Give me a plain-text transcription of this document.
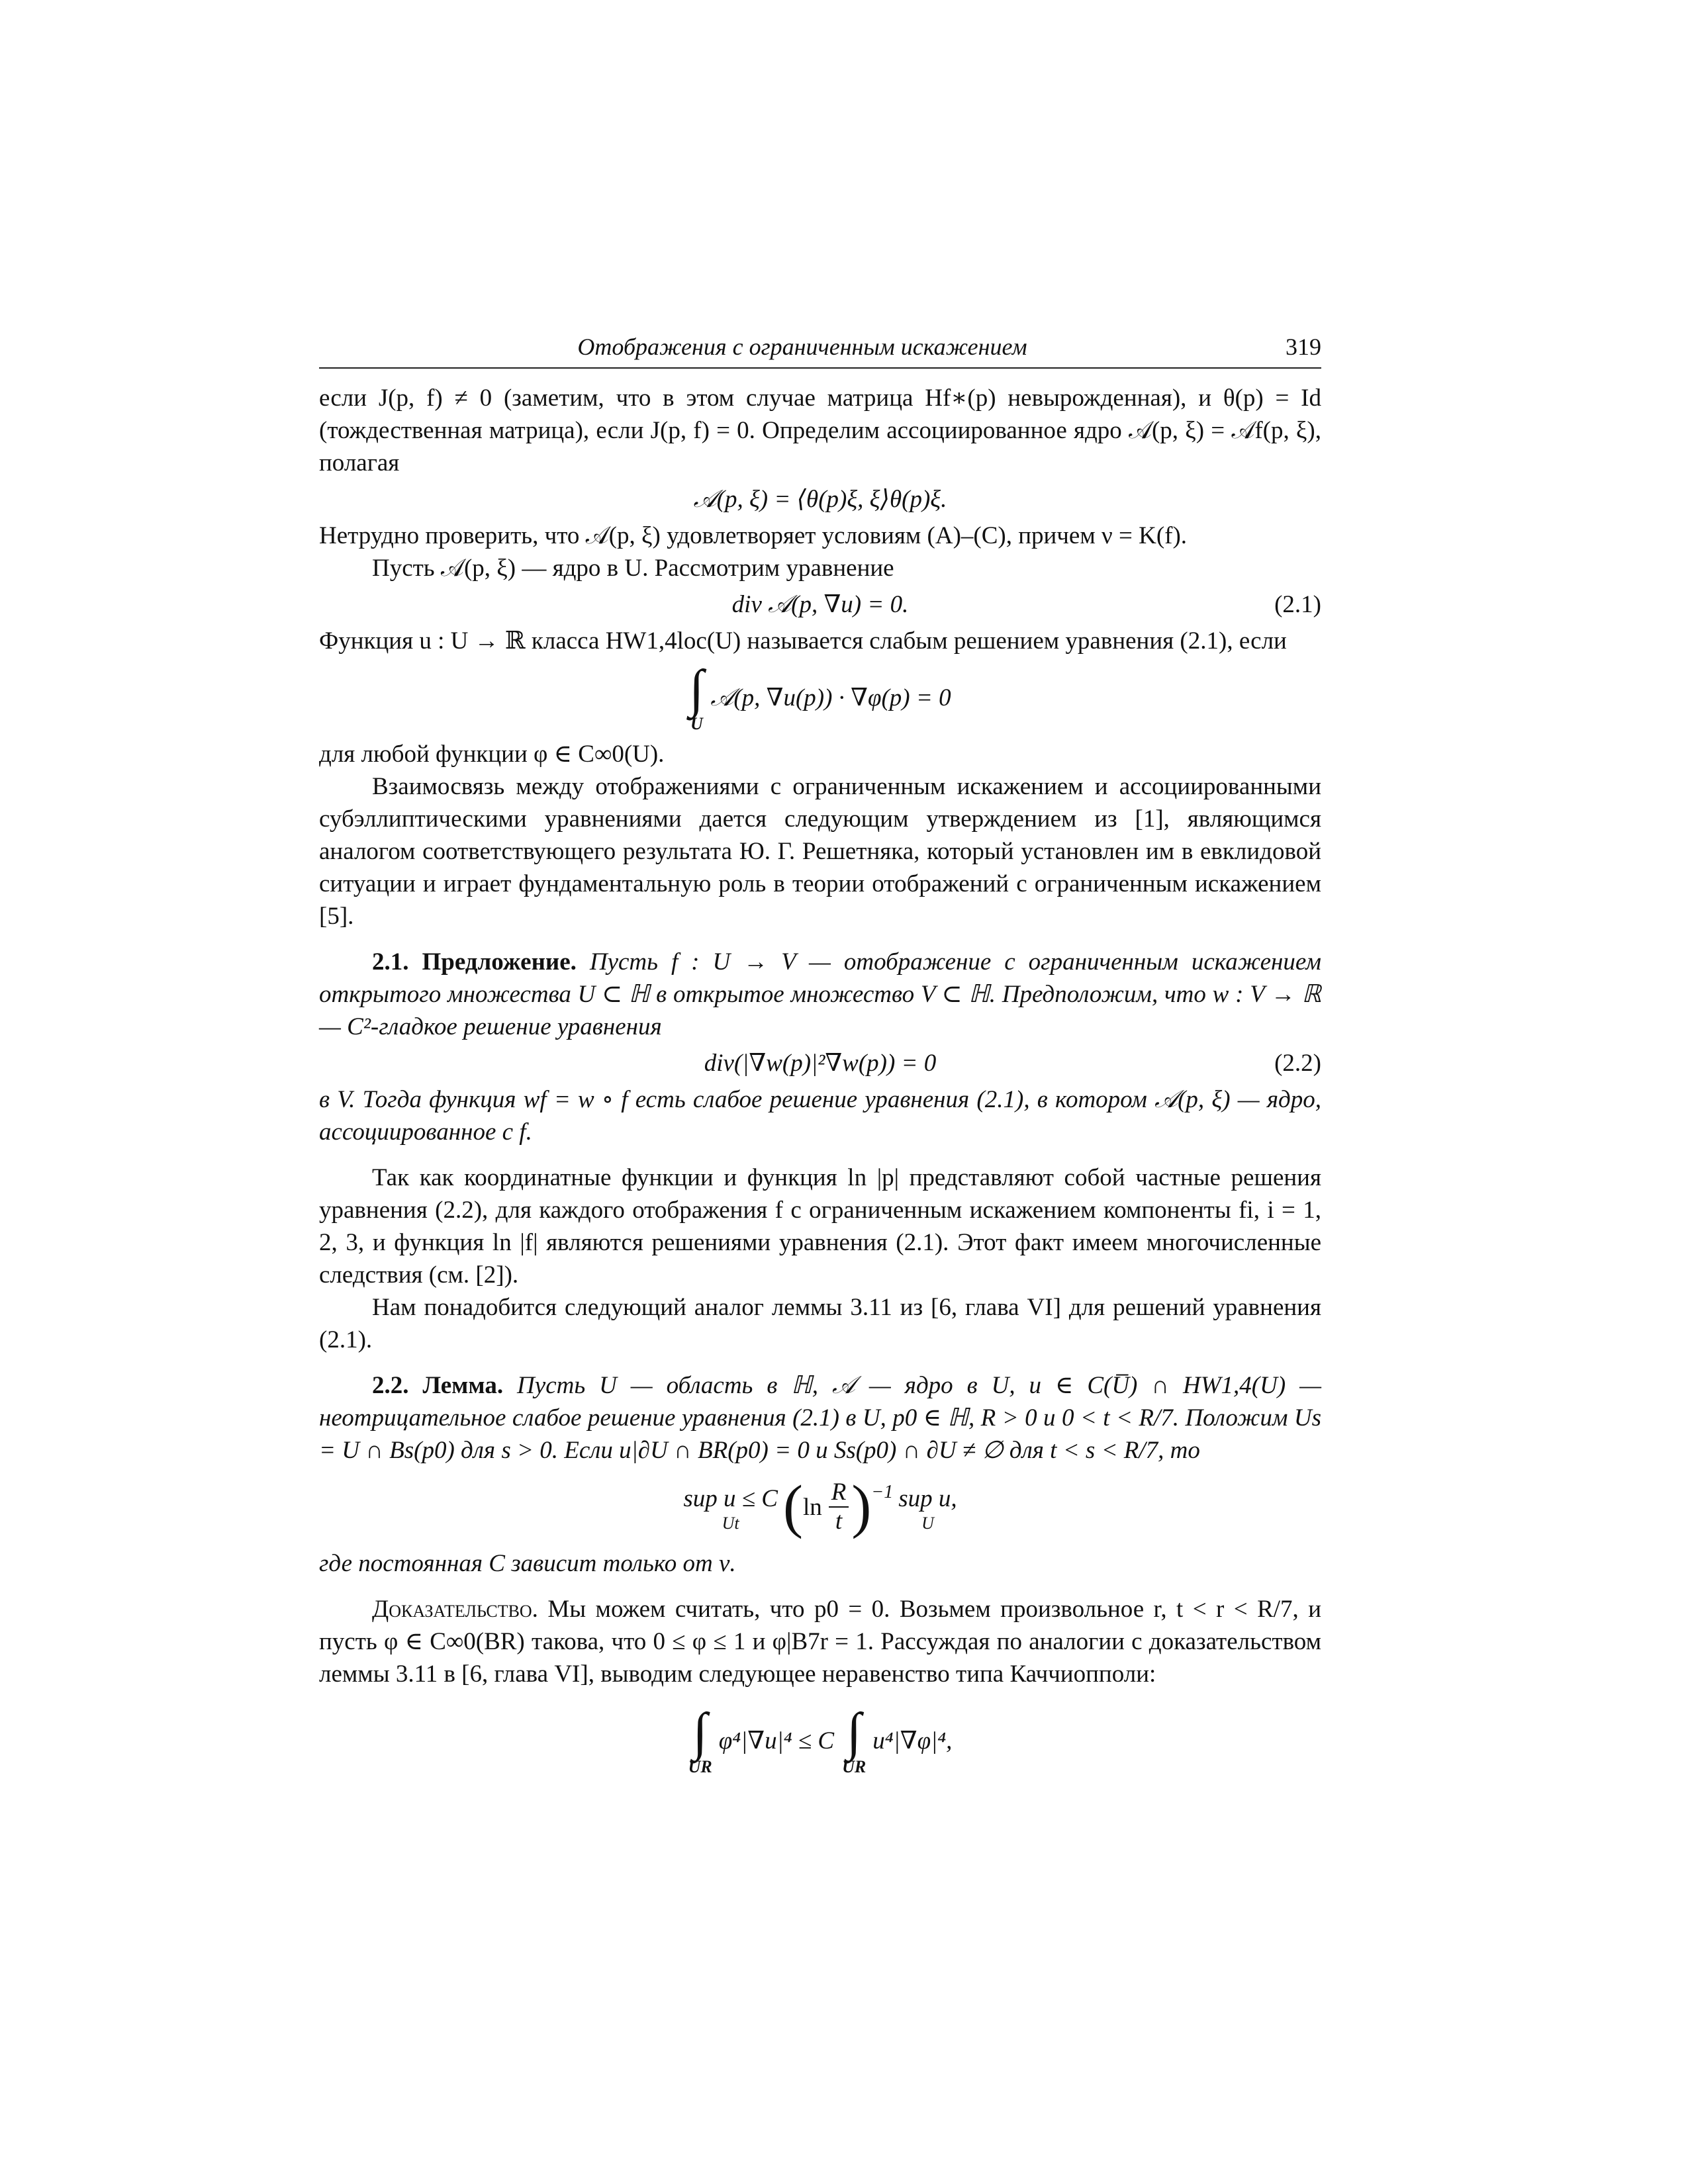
Отображения с ограниченным искажением	319

если J(p, f) ≠ 0 (заметим, что в этом случае матрица Hf∗(p) невырожденная), и θ(p) = Id (тождественная матрица), если J(p, f) = 0. Определим ассоциированное ядро 𝒜(p, ξ) = 𝒜f(p, ξ), полагая

𝒜(p, ξ) = ⟨θ(p)ξ, ξ⟩θ(p)ξ.

Нетрудно проверить, что 𝒜(p, ξ) удовлетворяет условиям (A)–(C), причем ν = K(f).

Пусть 𝒜(p, ξ) — ядро в U. Рассмотрим уравнение

div 𝒜(p, ∇u) = 0.	(2.1)

Функция u : U → ℝ класса HW1,4loc(U) называется слабым решением уравнения (2.1), если

∫
U
𝒜(p, ∇u(p)) · ∇φ(p) = 0

для любой функции φ ∈ C∞0(U).

Взаимосвязь между отображениями с ограниченным искажением и ассоциированными субэллиптическими уравнениями дается следующим утверждением из [1], являющимся аналогом соответствующего результата Ю. Г. Решетняка, который установлен им в евклидовой ситуации и играет фундаментальную роль в теории отображений с ограниченным искажением [5].

2.1. Предложение. Пусть f : U → V — отображение с ограниченным искажением открытого множества U ⊂ ℍ в открытое множество V ⊂ ℍ. Предположим, что w : V → ℝ — C²-гладкое решение уравнения

div(|∇w(p)|²∇w(p)) = 0	(2.2)

в V. Тогда функция wf = w ∘ f есть слабое решение уравнения (2.1), в котором 𝒜(p, ξ) — ядро, ассоциированное с f.

Так как координатные функции и функция ln |p| представляют собой частные решения уравнения (2.2), для каждого отображения f с ограниченным искажением компоненты fi, i = 1, 2, 3, и функция ln |f| являются решениями уравнения (2.1). Этот факт имеем многочисленные следствия (см. [2]).

Нам понадобится следующий аналог леммы 3.11 из [6, глава VI] для решений уравнения (2.1).

2.2. Лемма. Пусть U — область в ℍ, 𝒜 — ядро в U, u ∈ C(U̅) ∩ HW1,4(U) — неотрицательное слабое решение уравнения (2.1) в U, p0 ∈ ℍ, R > 0 и 0 < t < R/7. Положим Us = U ∩ Bs(p0) для s > 0. Если u|∂U ∩ BR(p0) = 0 и Ss(p0) ∩ ∂U ≠ ∅ для t < s < R/7, то

sup u ≤ C
Ut ( $\ln \frac{R}{t}$ ) −1 sup u,
U

где постоянная C зависит только от ν.

Доказательство. Мы можем считать, что p0 = 0. Возьмем произвольное r, t < r < R/7, и пусть φ ∈ C∞0(BR) такова, что 0 ≤ φ ≤ 1 и φ|B7r = 1. Рассуждая по аналогии с доказательством леммы 3.11 в [6, глава VI], выводим следующее неравенство типа Каччиопполи:

∫
UR
φ⁴|∇u|⁴ ≤ C ∫
UR
u⁴|∇φ|⁴,
